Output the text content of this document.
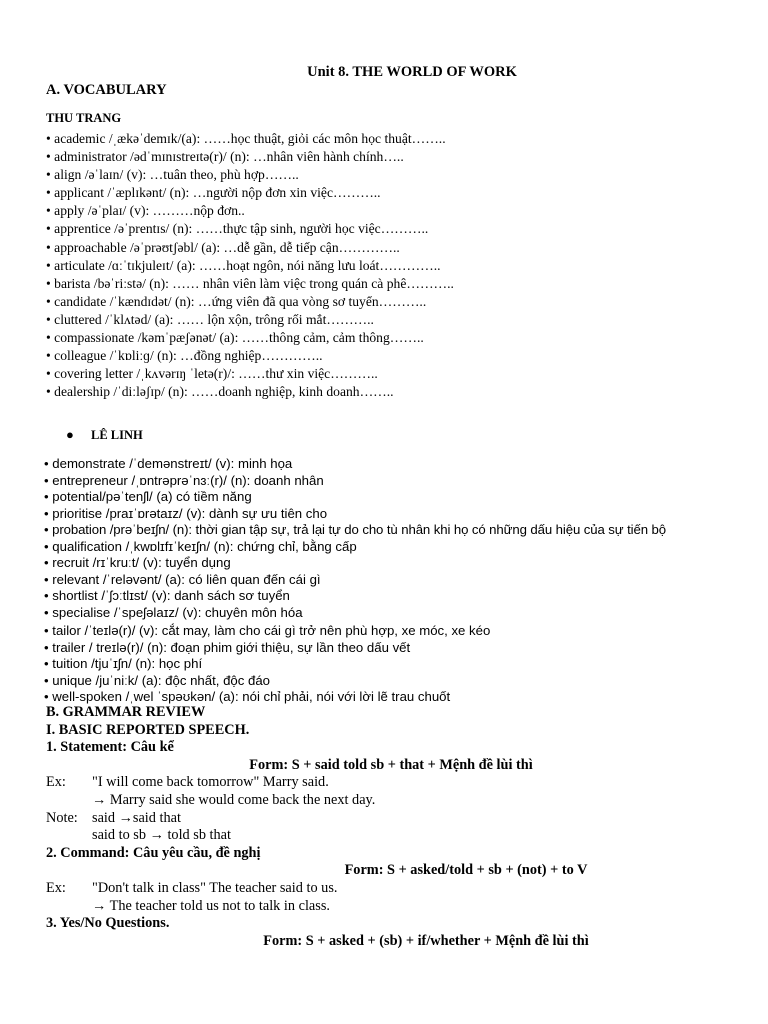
Unit 8. THE WORLD OF WORK
A. VOCABULARY
THU TRANG
• academic /ˌækəˈdemɪk/(a): ……học thuật, giỏi các môn học thuật……..
• administrator /ədˈmɪnɪstreɪtə(r)/ (n): …nhân viên hành chính…..
• align /əˈlaɪn/ (v): …tuân theo, phù hợp……..
• applicant /ˈæplɪkənt/ (n): …người nộp đơn xin việc………..
• apply /əˈplaɪ/ (v): ………nộp đơn..
• apprentice /əˈprentɪs/ (n): ……thực tập sinh, người học việc………..
• approachable /əˈprəʊtʃəbl/ (a): …dễ gần, dễ tiếp cận…………..
• articulate /ɑːˈtɪkjuleɪt/ (a): ……hoạt ngôn, nói năng lưu loát…………..
• barista /bəˈriːstə/ (n): …… nhân viên làm việc trong quán cà phê………..
• candidate /ˈkændɪdət/ (n): …ứng viên đã qua vòng sơ tuyển………..
• cluttered /ˈklʌtəd/ (a): …… lộn xộn, trông rối mắt………..
• compassionate /kəmˈpæʃənət/ (a): ……thông cảm, cảm thông……..
• colleague /ˈkɒliːɡ/ (n): …đồng nghiệp…………..
• covering letter /ˌkʌvərɪŋ ˈletə(r)/: ……thư xin việc………..
• dealership /ˈdiːləʃɪp/ (n): ……doanh nghiệp, kinh doanh……..
● LÊ LINH
• demonstrate /ˈdemənstreɪt/ (v): minh họa
• entrepreneur /ˌɒntrəprəˈnɜː(r)/ (n): doanh nhân
• potential/pəˈtenʃl/ (a) có tiềm năng
• prioritise /praɪˈɒrətaɪz/ (v): dành sự ưu tiên cho
• probation /prəˈbeɪʃn/ (n): thời gian tập sự, trả lại tự do cho tù nhân khi họ có những dấu hiệu của sự tiến bộ
• qualification /ˌkwɒlɪfɪˈkeɪʃn/ (n): chứng chỉ, bằng cấp
• recruit /rɪˈkruːt/ (v): tuyển dụng
• relevant /ˈreləvənt/ (a): có liên quan đến cái gì
• shortlist /ˈʃɔːtlɪst/ (v): danh sách sơ tuyển
• specialise /ˈspeʃəlaɪz/ (v): chuyên môn hóa
• tailor /ˈteɪlə(r)/ (v): cắt may, làm cho cái gì trở nên phù hợp, xe móc, xe kéo
• trailer / treɪlə(r)/ (n): đoạn phim giới thiệu, sự lần theo dấu vết
• tuition /tjuˈɪʃn/ (n): học phí
• unique /juˈniːk/ (a): độc nhất, độc đáo
• well-spoken /ˌwel ˈspəʊkən/ (a): nói chỉ phải, nói với lời lẽ trau chuốt
B. GRAMMAR REVIEW
I. BASIC REPORTED SPEECH.
1. Statement: Câu kể
Form: S + said told sb + that + Mệnh đề lùi thì
Ex: "I will come back tomorrow" Marry said.
→ Marry said she would come back the next day.
Note: said →said that
said to sb → told sb that
2. Command: Câu yêu cầu, đề nghị
Form: S + asked/told + sb + (not) + to V
Ex: "Don't talk in class" The teacher said to us.
→ The teacher told us not to talk in class.
3. Yes/No Questions.
Form: S + asked + (sb) + if/whether + Mệnh đề lùi thì
